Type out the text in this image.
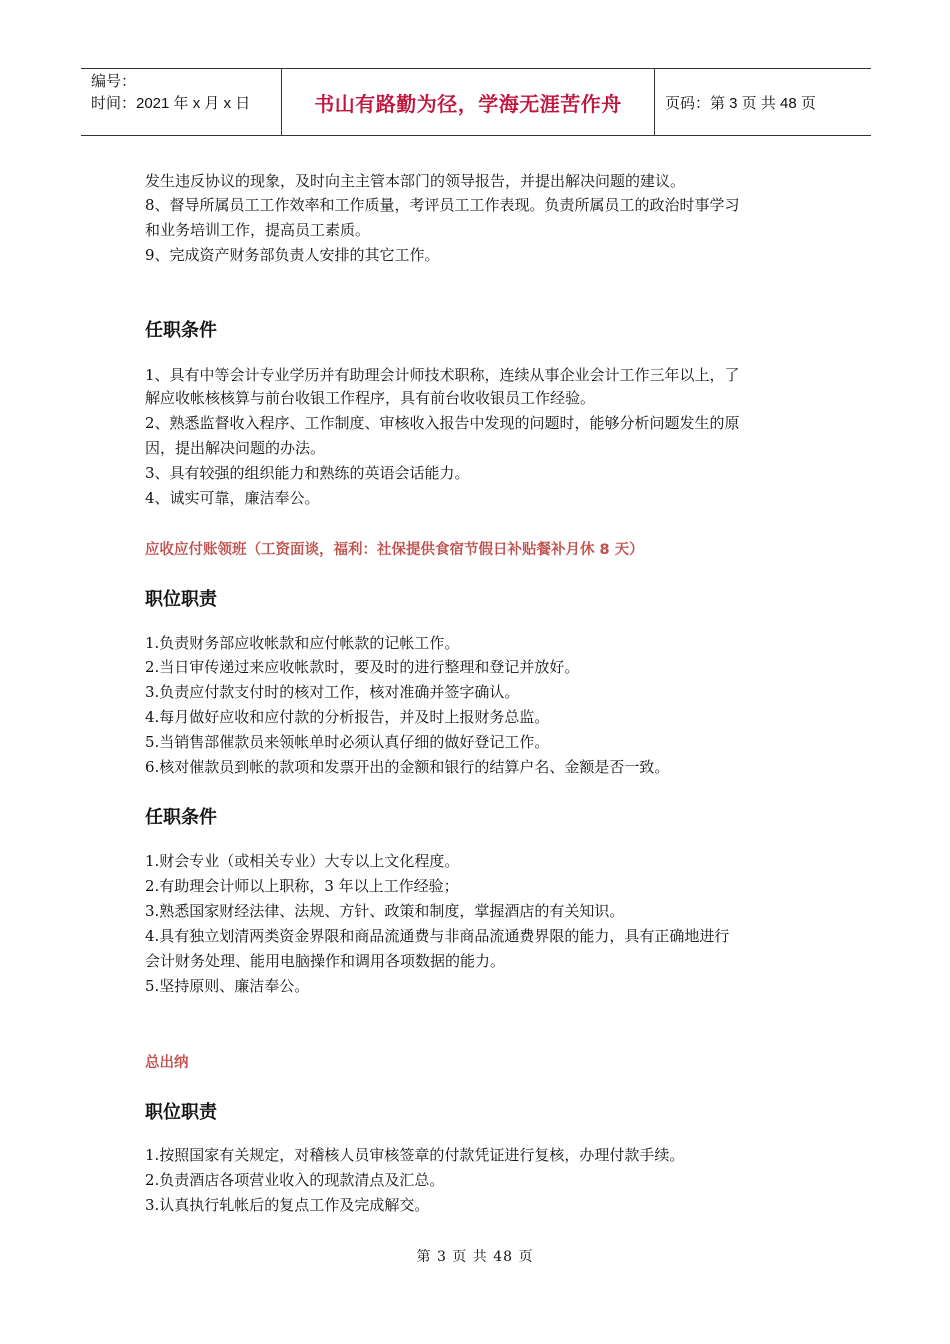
编号：
时间：2021 年 x 月 x 日	书山有路勤为径，学海无涯苦作舟	页码：第 3 页 共 48 页
发生违反协议的现象，及时向主主管本部门的领导报告，并提出解决问题的建议。
8、督导所属员工工作效率和工作质量，考评员工工作表现。负责所属员工的政治时事学习
和业务培训工作，提高员工素质。
9、完成资产财务部负责人安排的其它工作。
任职条件
1、具有中等会计专业学历并有助理会计师技术职称，连续从事企业会计工作三年以上，了
解应收帐核核算与前台收银工作程序，具有前台收收银员工作经验。
2、熟悉监督收入程序、工作制度、审核收入报告中发现的问题时，能够分析问题发生的原
因，提出解决问题的办法。
3、具有较强的组织能力和熟练的英语会话能力。
4、诚实可靠，廉洁奉公。
应收应付账领班（工资面谈，福利：社保提供食宿节假日补贴餐补月休 8 天）
职位职责
1.负责财务部应收帐款和应付帐款的记帐工作。
2.当日审传递过来应收帐款时，要及时的进行整理和登记并放好。
3.负责应付款支付时的核对工作，核对准确并签字确认。
4.每月做好应收和应付款的分析报告，并及时上报财务总监。
5.当销售部催款员来领帐单时必须认真仔细的做好登记工作。
6.核对催款员到帐的款项和发票开出的金额和银行的结算户名、金额是否一致。
任职条件
1.财会专业（或相关专业）大专以上文化程度。
2.有助理会计师以上职称，3 年以上工作经验；
3.熟悉国家财经法律、法规、方针、政策和制度，掌握酒店的有关知识。
4.具有独立划清两类资金界限和商品流通费与非商品流通费界限的能力，具有正确地进行
会计财务处理、能用电脑操作和调用各项数据的能力。
5.坚持原则、廉洁奉公。
总出纳
职位职责
1.按照国家有关规定，对稽核人员审核签章的付款凭证进行复核，办理付款手续。
2.负责酒店各项营业收入的现款清点及汇总。
3.认真执行轧帐后的复点工作及完成解交。
第 3 页 共 48 页
